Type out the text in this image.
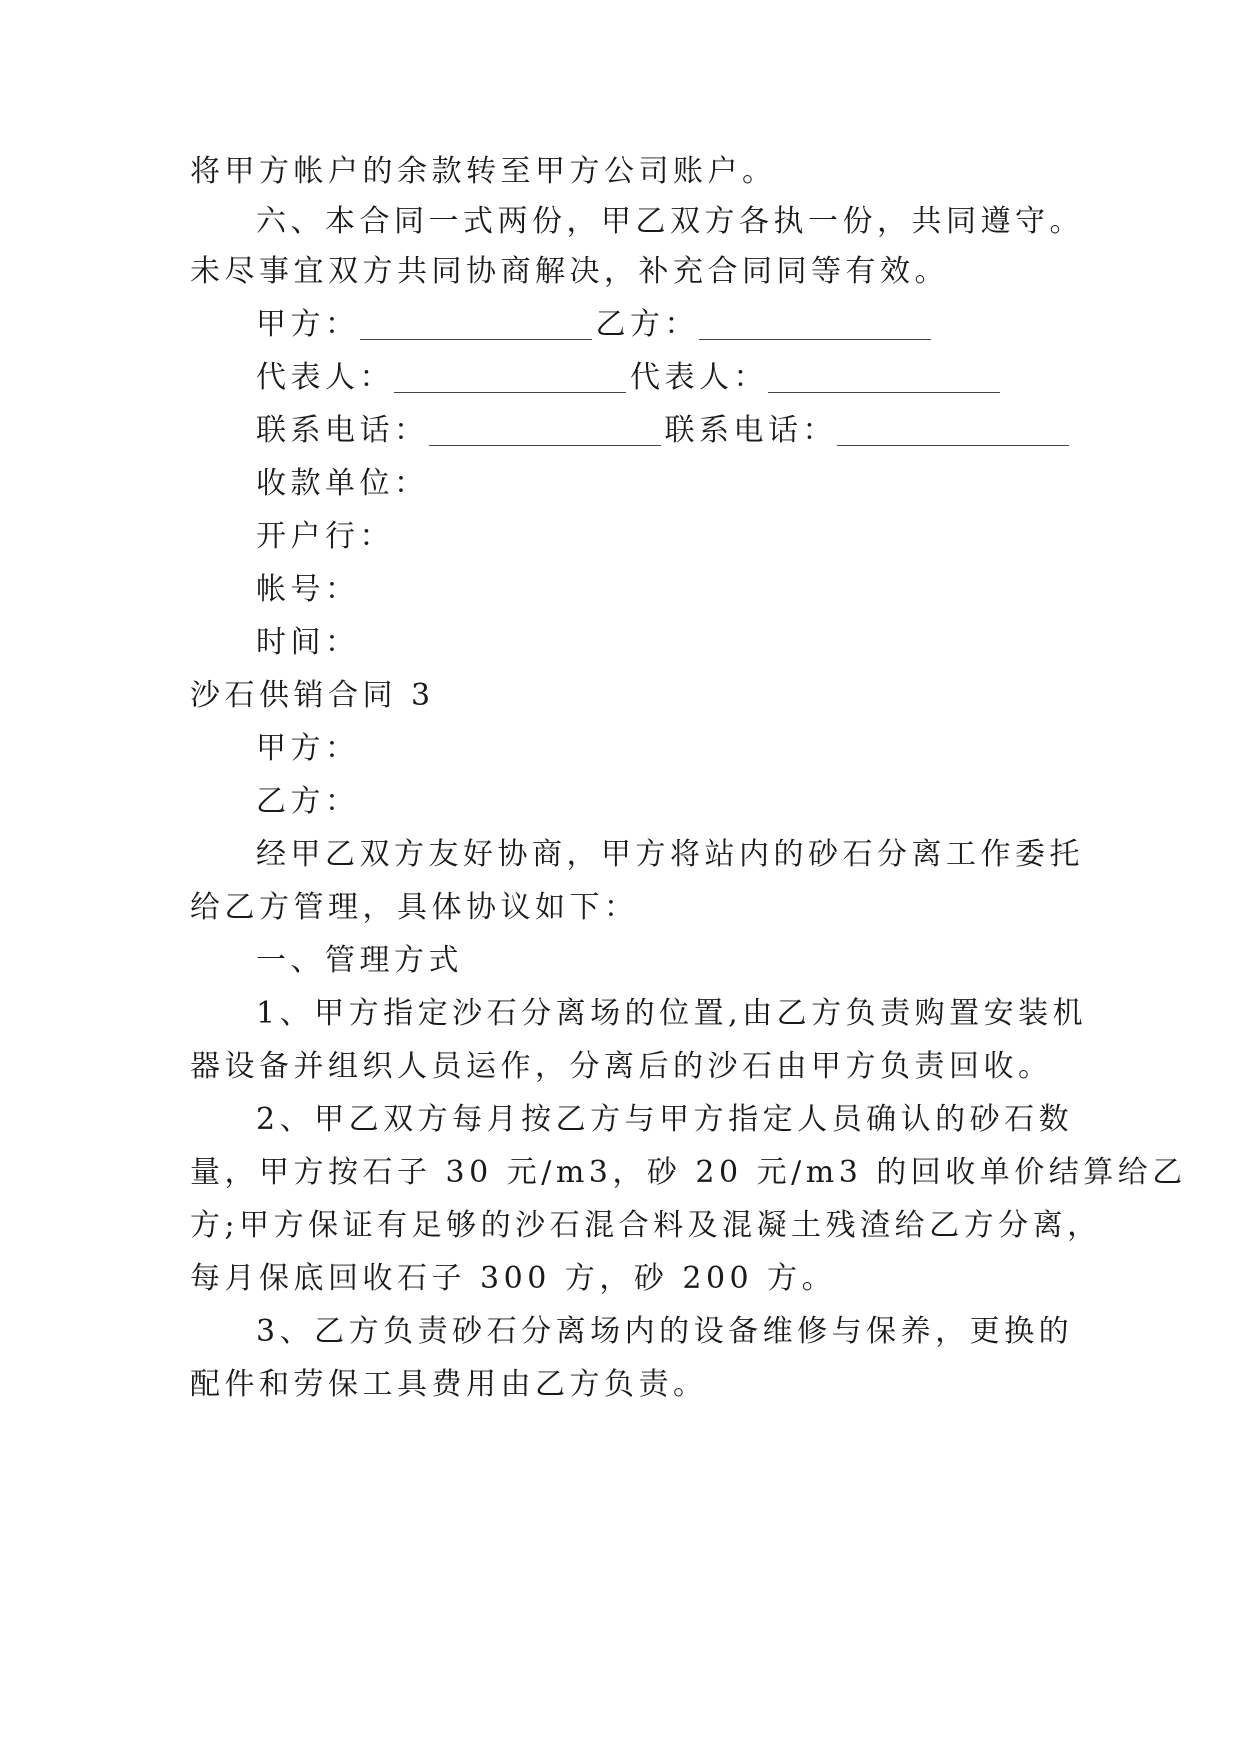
将甲方帐户的余款转至甲方公司账户。
六、本合同一式两份，甲乙双方各执一份，共同遵守。
未尽事宜双方共同协商解决，补充合同同等有效。
甲方：	乙方：
代表人：	代表人：
联系电话：	联系电话：
收款单位：
开户行：
帐号：
时间：
沙石供销合同 3
甲方：
乙方：
经甲乙双方友好协商，甲方将站内的砂石分离工作委托
给乙方管理，具体协议如下：
一、管理方式
1、甲方指定沙石分离场的位置,由乙方负责购置安装机
器设备并组织人员运作，分离后的沙石由甲方负责回收。
2、甲乙双方每月按乙方与甲方指定人员确认的砂石数
量，甲方按石子 30 元/m3，砂 20 元/m3 的回收单价结算给乙
方;甲方保证有足够的沙石混合料及混凝土残渣给乙方分离，
每月保底回收石子 300 方，砂 200 方。
3、乙方负责砂石分离场内的设备维修与保养，更换的
配件和劳保工具费用由乙方负责。
